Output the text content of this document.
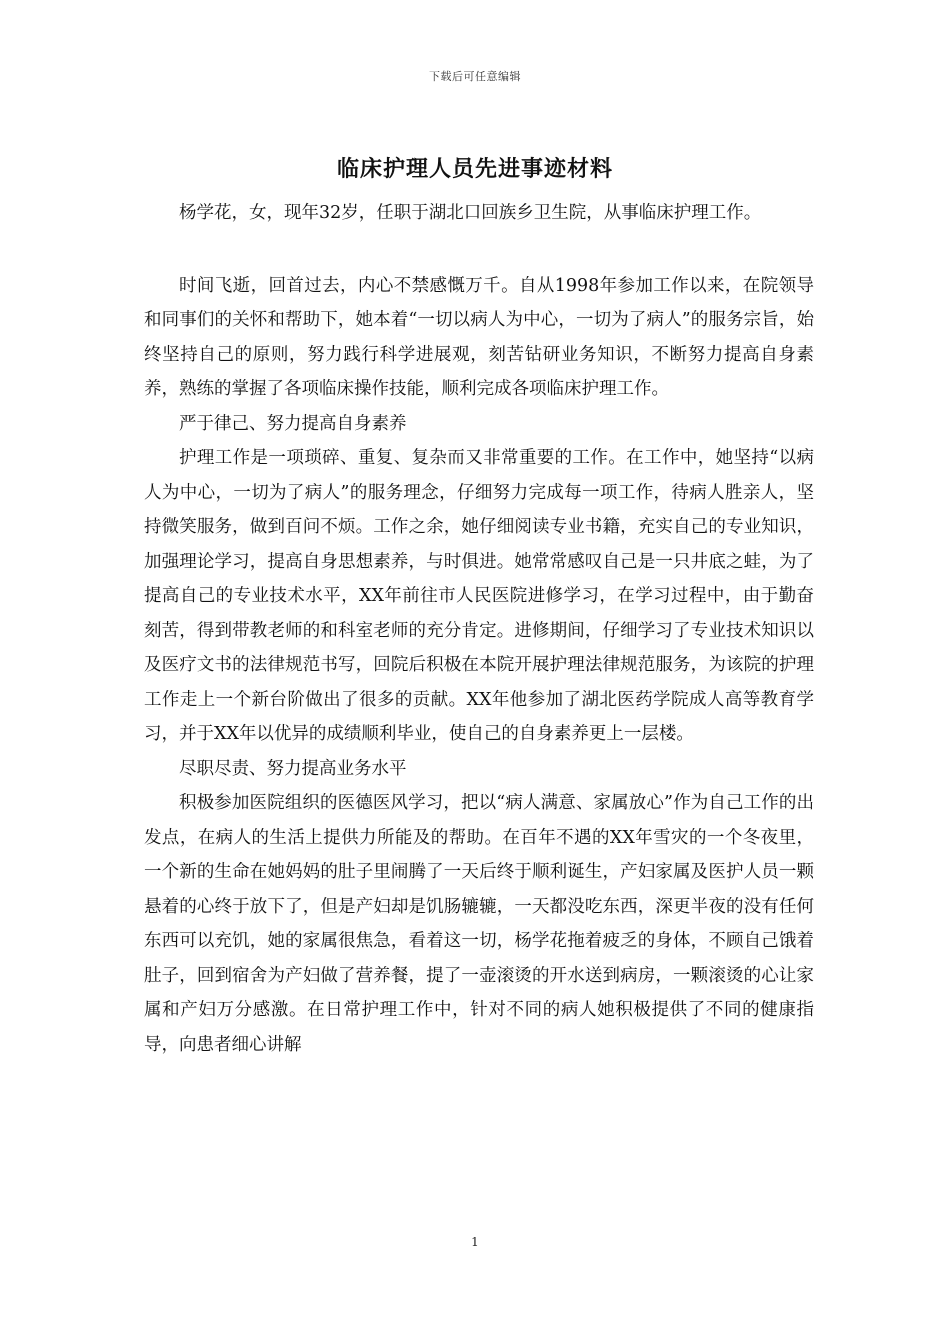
下载后可任意编辑
临床护理人员先进事迹材料

杨学花，女，现年32岁，任职于湖北口回族乡卫生院，从事临床护理工作。

时间飞逝，回首过去，内心不禁感慨万千。自从1998年参加工作以来，在院领导和同事们的关怀和帮助下，她本着“一切以病人为中心，一切为了病人”的服务宗旨，始终坚持自己的原则，努力践行科学进展观，刻苦钻研业务知识，不断努力提高自身素养，熟练的掌握了各项临床操作技能，顺利完成各项临床护理工作。

严于律己、努力提高自身素养

护理工作是一项琐碎、重复、复杂而又非常重要的工作。在工作中，她坚持“以病人为中心，一切为了病人”的服务理念，仔细努力完成每一项工作，待病人胜亲人，坚持微笑服务，做到百问不烦。工作之余，她仔细阅读专业书籍，充实自己的专业知识，加强理论学习，提高自身思想素养，与时俱进。她常常感叹自己是一只井底之蛙，为了提高自己的专业技术水平，XX年前往市人民医院进修学习，在学习过程中，由于勤奋刻苦，得到带教老师的和科室老师的充分肯定。进修期间，仔细学习了专业技术知识以及医疗文书的法律规范书写，回院后积极在本院开展护理法律规范服务，为该院的护理工作走上一个新台阶做出了很多的贡献。XX年他参加了湖北医药学院成人高等教育学习，并于XX年以优异的成绩顺利毕业，使自己的自身素养更上一层楼。

尽职尽责、努力提高业务水平

积极参加医院组织的医德医风学习，把以“病人满意、家属放心”作为自己工作的出发点，在病人的生活上提供力所能及的帮助。在百年不遇的XX年雪灾的一个冬夜里，一个新的生命在她妈妈的肚子里闹腾了一天后终于顺利诞生，产妇家属及医护人员一颗悬着的心终于放下了，但是产妇却是饥肠辘辘，一天都没吃东西，深更半夜的没有任何东西可以充饥，她的家属很焦急，看着这一切，杨学花拖着疲乏的身体，不顾自己饿着肚子，回到宿舍为产妇做了营养餐，提了一壶滚烫的开水送到病房，一颗滚烫的心让家属和产妇万分感激。在日常护理工作中，针对不同的病人她积极提供了不同的健康指导，向患者细心讲解

1
